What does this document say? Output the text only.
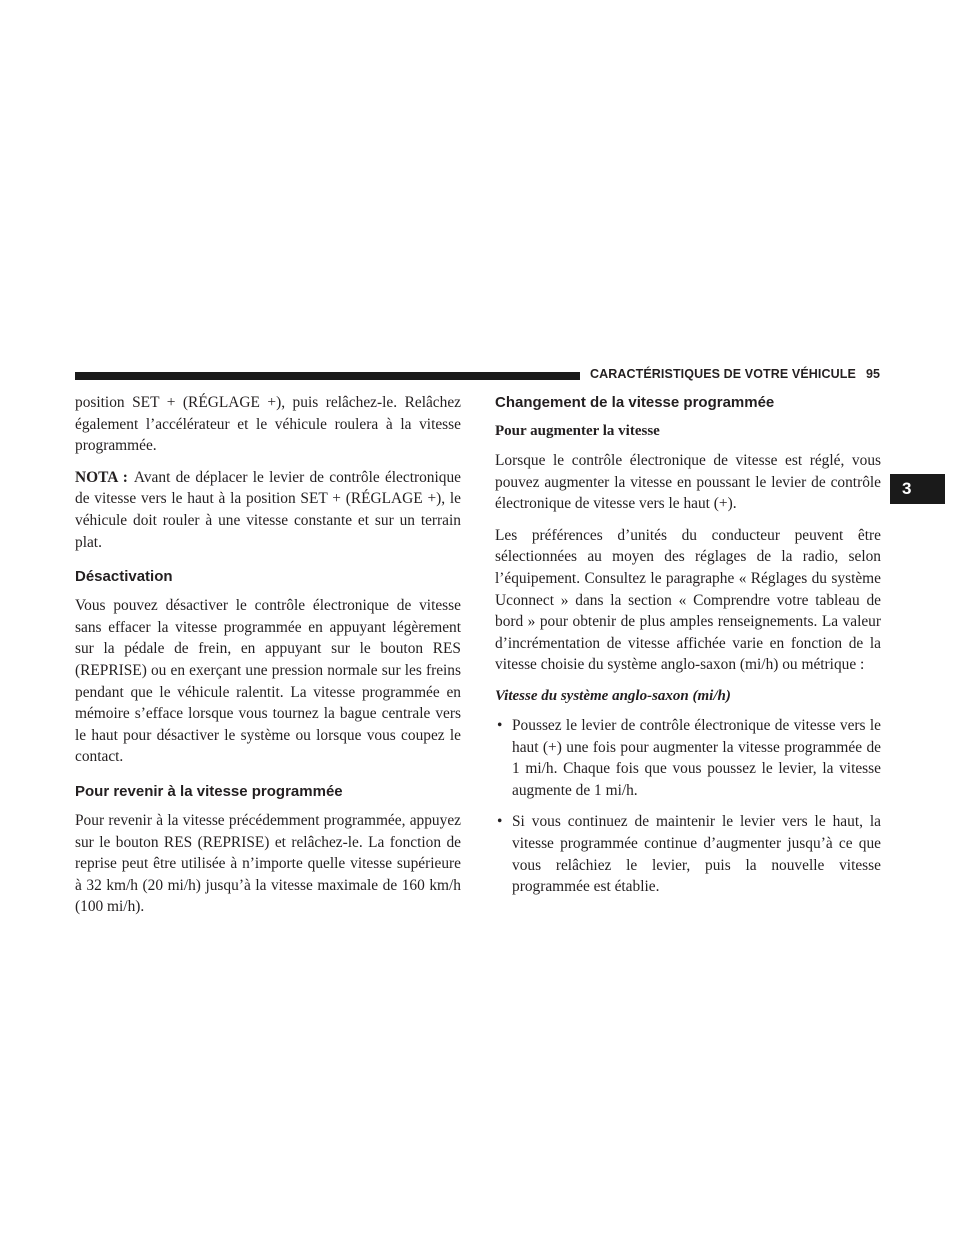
CARACTÉRISTIQUES DE VOTRE VÉHICULE 95
3

position SET + (RÉGLAGE +), puis relâchez-le. Relâchez également l’accélérateur et le véhicule roulera à la vitesse programmée.

NOTA : Avant de déplacer le levier de contrôle électronique de vitesse vers le haut à la position SET + (RÉGLAGE +), le véhicule doit rouler à une vitesse constante et sur un terrain plat.

Désactivation

Vous pouvez désactiver le contrôle électronique de vitesse sans effacer la vitesse programmée en appuyant légèrement sur la pédale de frein, en appuyant sur le bouton RES (REPRISE) ou en exerçant une pression normale sur les freins pendant que le véhicule ralentit. La vitesse programmée en mémoire s’efface lorsque vous tournez la bague centrale vers le haut pour désactiver le système ou lorsque vous coupez le contact.

Pour revenir à la vitesse programmée

Pour revenir à la vitesse précédemment programmée, appuyez sur le bouton RES (REPRISE) et relâchez-le. La fonction de reprise peut être utilisée à n’importe quelle vitesse supérieure à 32 km/h (20 mi/h) jusqu’à la vitesse maximale de 160 km/h (100 mi/h).

Changement de la vitesse programmée
Pour augmenter la vitesse

Lorsque le contrôle électronique de vitesse est réglé, vous pouvez augmenter la vitesse en poussant le levier de contrôle électronique de vitesse vers le haut (+).

Les préférences d’unités du conducteur peuvent être sélectionnées au moyen des réglages de la radio, selon l’équipement. Consultez le paragraphe « Réglages du système Uconnect » dans la section « Comprendre votre tableau de bord » pour obtenir de plus amples renseignements. La valeur d’incrémentation de vitesse affichée varie en fonction de la vitesse choisie du système anglo-saxon (mi/h) ou métrique :

Vitesse du système anglo-saxon (mi/h)
• Poussez le levier de contrôle électronique de vitesse vers le haut (+) une fois pour augmenter la vitesse programmée de 1 mi/h. Chaque fois que vous poussez le levier, la vitesse augmente de 1 mi/h.
• Si vous continuez de maintenir le levier vers le haut, la vitesse programmée continue d’augmenter jusqu’à ce que vous relâchiez le levier, puis la nouvelle vitesse programmée est établie.
